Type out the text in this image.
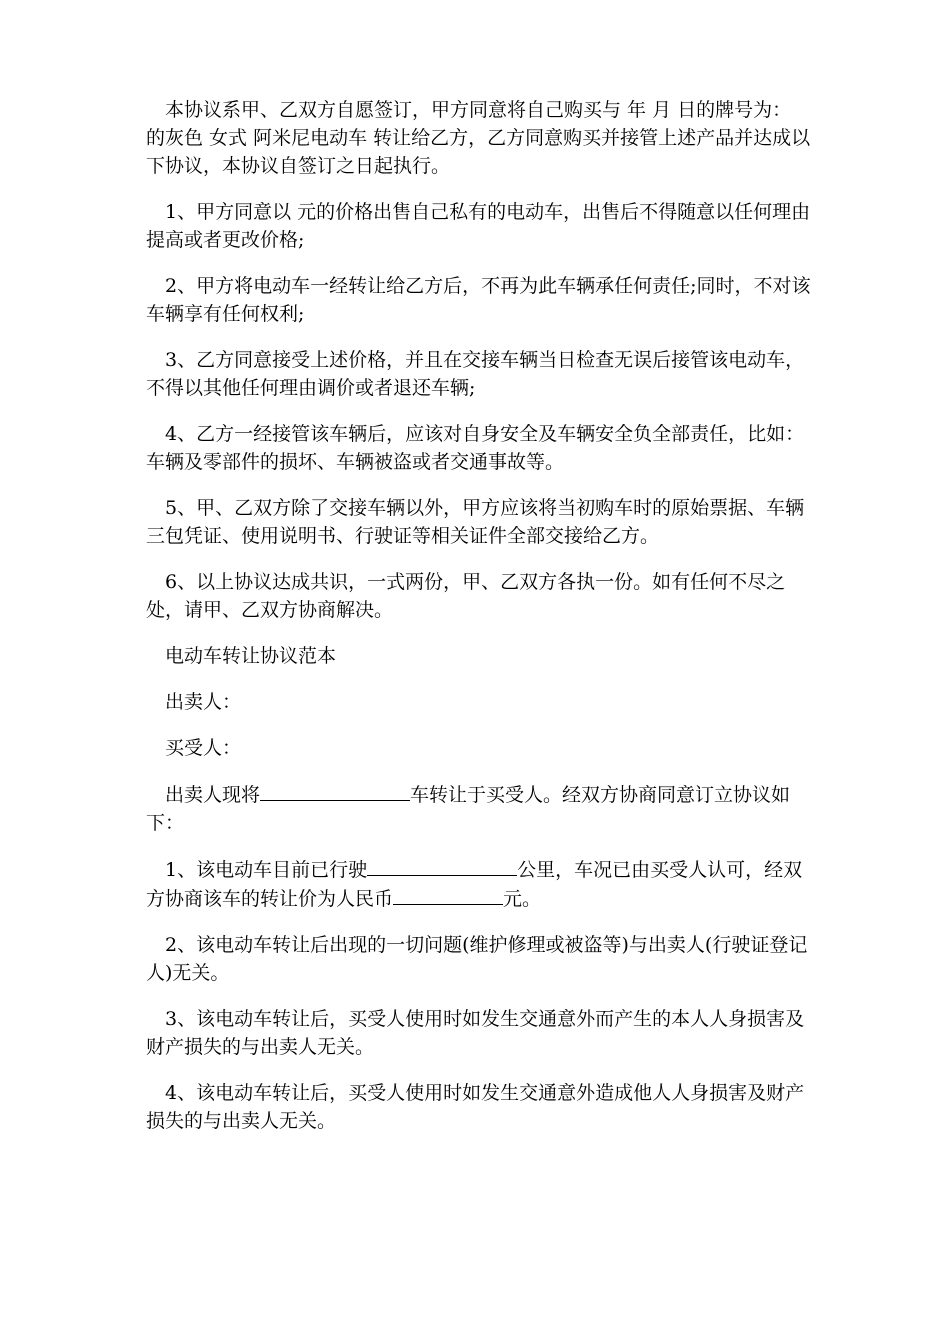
本协议系甲、乙双方自愿签订，甲方同意将自己购买与 年 月 日的牌号为： 的灰色 女式 阿米尼电动车 转让给乙方，乙方同意购买并接管上述产品并达成以下协议，本协议自签订之日起执行。

1、甲方同意以 元的价格出售自己私有的电动车，出售后不得随意以任何理由提高或者更改价格;

2、甲方将电动车一经转让给乙方后，不再为此车辆承任何责任;同时，不对该车辆享有任何权利;

3、乙方同意接受上述价格，并且在交接车辆当日检查无误后接管该电动车，不得以其他任何理由调价或者退还车辆;

4、乙方一经接管该车辆后，应该对自身安全及车辆安全负全部责任，比如：车辆及零部件的损坏、车辆被盗或者交通事故等。

5、甲、乙双方除了交接车辆以外，甲方应该将当初购车时的原始票据、车辆三包凭证、使用说明书、行驶证等相关证件全部交接给乙方。

6、以上协议达成共识，一式两份，甲、乙双方各执一份。如有任何不尽之处，请甲、乙双方协商解决。

电动车转让协议范本

出卖人：

买受人：

出卖人现将	车转让于买受人。经双方协商同意订立协议如下：

1、该电动车目前已行驶	公里，车况已由买受人认可，经双方协商该车的转让价为人民币	元。

2、该电动车转让后出现的一切问题(维护修理或被盗等)与出卖人(行驶证登记人)无关。

3、该电动车转让后，买受人使用时如发生交通意外而产生的本人人身损害及财产损失的与出卖人无关。

4、该电动车转让后，买受人使用时如发生交通意外造成他人人身损害及财产损失的与出卖人无关。
